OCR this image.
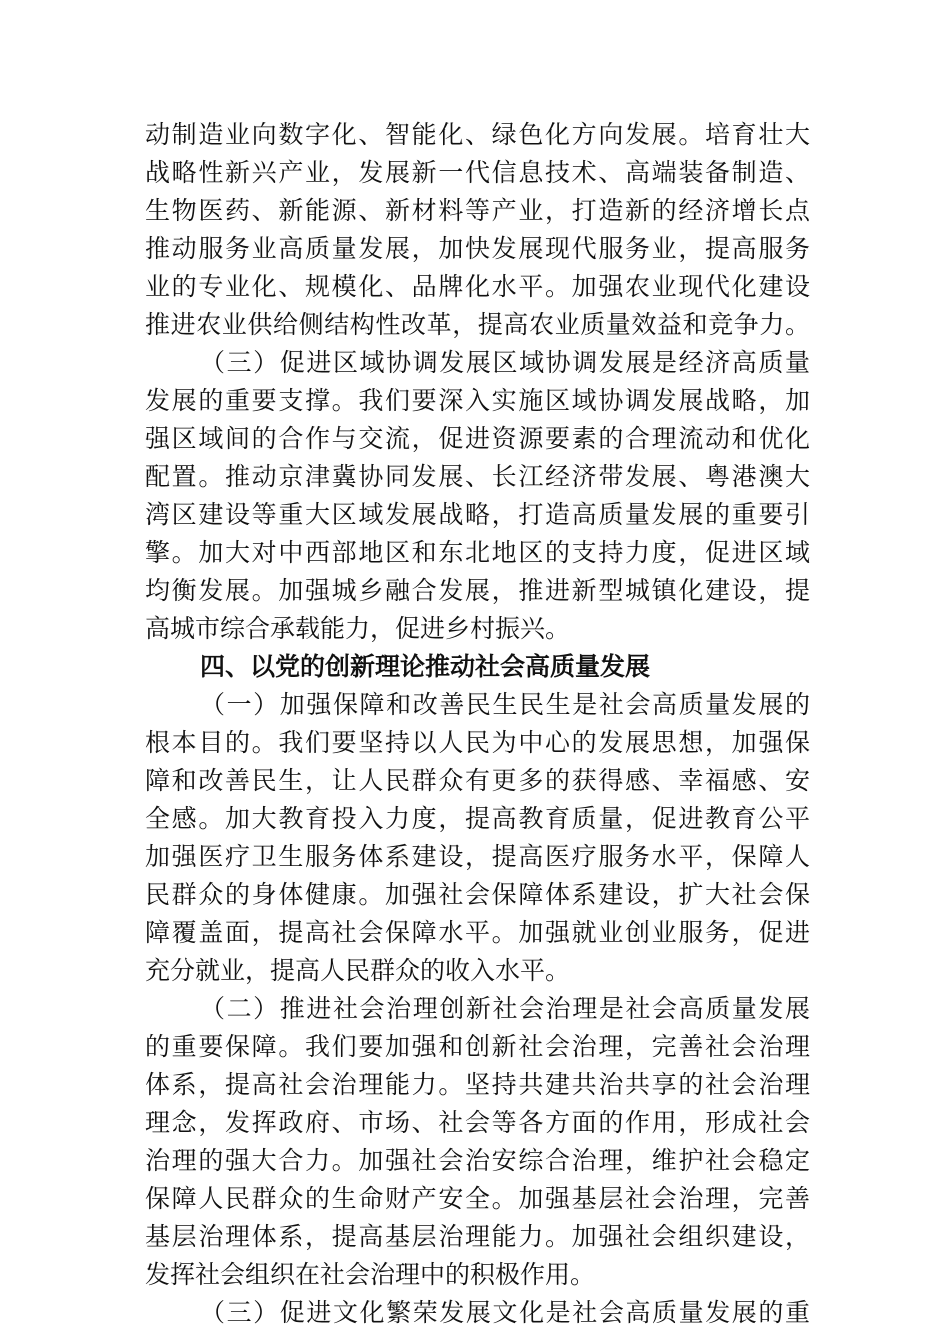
动制造业向数字化、智能化、绿色化方向发展。培育壮大
战略性新兴产业，发展新一代信息技术、高端装备制造、
生物医药、新能源、新材料等产业，打造新的经济增长点
推动服务业高质量发展，加快发展现代服务业，提高服务
业的专业化、规模化、品牌化水平。加强农业现代化建设
推进农业供给侧结构性改革，提高农业质量效益和竞争力。
（三）促进区域协调发展区域协调发展是经济高质量
发展的重要支撑。我们要深入实施区域协调发展战略，加
强区域间的合作与交流，促进资源要素的合理流动和优化
配置。推动京津冀协同发展、长江经济带发展、粤港澳大
湾区建设等重大区域发展战略，打造高质量发展的重要引
擎。加大对中西部地区和东北地区的支持力度，促进区域
均衡发展。加强城乡融合发展，推进新型城镇化建设，提
高城市综合承载能力，促进乡村振兴。
四、以党的创新理论推动社会高质量发展
（一）加强保障和改善民生民生是社会高质量发展的
根本目的。我们要坚持以人民为中心的发展思想，加强保
障和改善民生，让人民群众有更多的获得感、幸福感、安
全感。加大教育投入力度，提高教育质量，促进教育公平
加强医疗卫生服务体系建设，提高医疗服务水平，保障人
民群众的身体健康。加强社会保障体系建设，扩大社会保
障覆盖面，提高社会保障水平。加强就业创业服务，促进
充分就业，提高人民群众的收入水平。
（二）推进社会治理创新社会治理是社会高质量发展
的重要保障。我们要加强和创新社会治理，完善社会治理
体系，提高社会治理能力。坚持共建共治共享的社会治理
理念，发挥政府、市场、社会等各方面的作用，形成社会
治理的强大合力。加强社会治安综合治理，维护社会稳定
保障人民群众的生命财产安全。加强基层社会治理，完善
基层治理体系，提高基层治理能力。加强社会组织建设，
发挥社会组织在社会治理中的积极作用。
（三）促进文化繁荣发展文化是社会高质量发展的重
